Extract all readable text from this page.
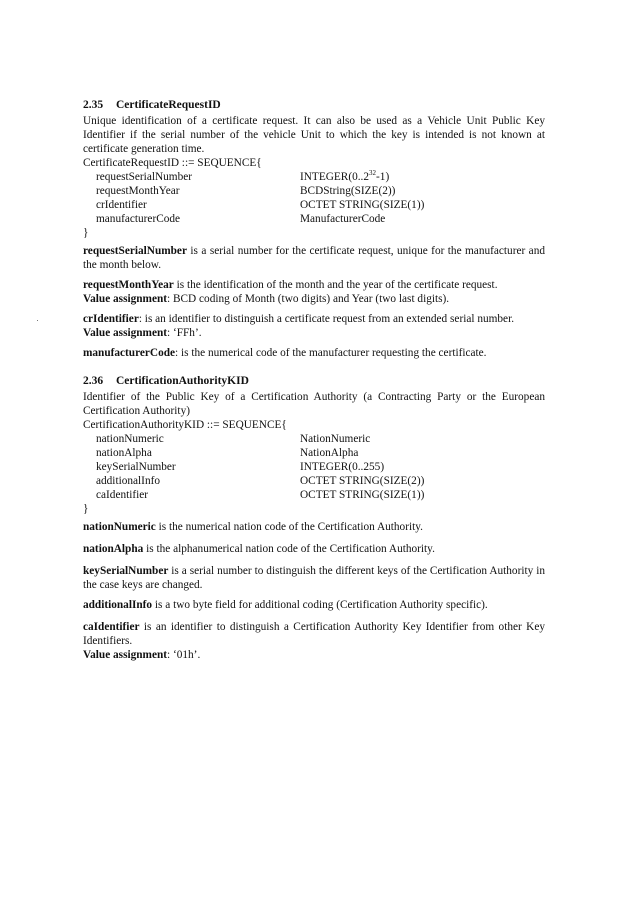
2.35 CertificateRequestID

Unique identification of a certificate request. It can also be used as a Vehicle Unit Public Key Identifier if the serial number of the vehicle Unit to which the key is intended is not known at certificate generation time.

CertificateRequestID ::= SEQUENCE{

requestSerialNumber	INTEGER(0..2$^{32}$-1)
requestMonthYear	BCDString(SIZE(2))
crIdentifier	OCTET STRING(SIZE(1))
manufacturerCode	ManufacturerCode

}

requestSerialNumber is a serial number for the certificate request, unique for the manufacturer and the month below.

requestMonthYear is the identification of the month and the year of the certificate request.

Value assignment: BCD coding of Month (two digits) and Year (two last digits).

crIdentifier: is an identifier to distinguish a certificate request from an extended serial number.

Value assignment: ‘FFh’.

manufacturerCode: is the numerical code of the manufacturer requesting the certificate.

2.36 CertificationAuthorityKID

Identifier of the Public Key of a Certification Authority (a Contracting Party or the European Certification Authority)

CertificationAuthorityKID ::= SEQUENCE{

nationNumeric	NationNumeric
nationAlpha	NationAlpha
keySerialNumber	INTEGER(0..255)
additionalInfo	OCTET STRING(SIZE(2))
caIdentifier	OCTET STRING(SIZE(1))

}

nationNumeric is the numerical nation code of the Certification Authority.

nationAlpha is the alphanumerical nation code of the Certification Authority.

keySerialNumber is a serial number to distinguish the different keys of the Certification Authority in the case keys are changed.

additionalInfo is a two byte field for additional coding (Certification Authority specific).

caIdentifier is an identifier to distinguish a Certification Authority Key Identifier from other Key Identifiers.

Value assignment: ‘01h’.
